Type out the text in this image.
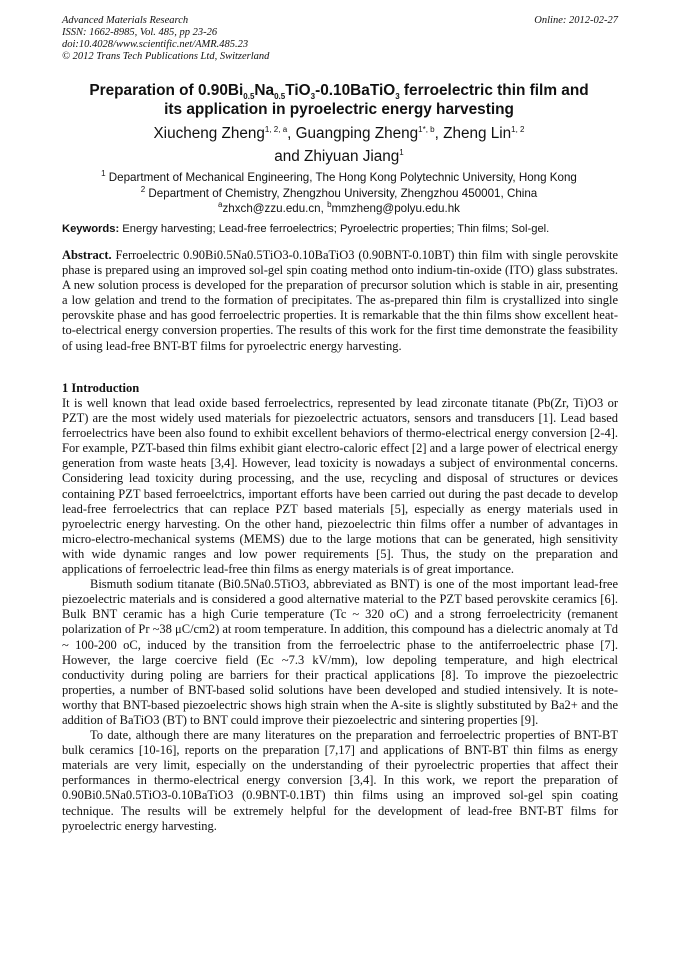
Advanced Materials Research
ISSN: 1662-8985, Vol. 485, pp 23-26
doi:10.4028/www.scientific.net/AMR.485.23
© 2012 Trans Tech Publications Ltd, Switzerland
Online: 2012-02-27
Preparation of $0.90Bi_{0.5}Na_{0.5}TiO_3-0.10BaTiO_3$ ferroelectric thin film and
its application in pyroelectric energy harvesting
Xiucheng Zheng$^{1, 2, a}$, Guangping Zheng$^{1*, b}$, Zheng Lin$^{1, 2}$
and Zhiyuan Jiang$^1$
$^1$ Department of Mechanical Engineering, The Hong Kong Polytechnic University, Hong Kong
$^2$ Department of Chemistry, Zhengzhou University, Zhengzhou 450001, China
$^a$zhxch@zzu.edu.cn, $^b$mmzheng@polyu.edu.hk
Keywords: Energy harvesting; Lead-free ferroelectrics; Pyroelectric properties; Thin films; Sol-gel.

Abstract. Ferroelectric 0.90Bi0.5Na0.5TiO3-0.10BaTiO3 (0.90BNT-0.10BT) thin film with single perovskite phase is prepared using an improved sol-gel spin coating method onto indium-tin-oxide (ITO) glass substrates. A new solution process is developed for the preparation of precursor solution which is stable in air, presenting a low gelation and trend to the formation of precipitates. The as-prepared thin film is crystallized into single perovskite phase and has good ferroelectric properties. It is remarkable that the thin films show excellent heat-to-electrical energy conversion properties. The results of this work for the first time demonstrate the feasibility of using lead-free BNT-BT films for pyroelectric energy harvesting.

1 Introduction

It is well known that lead oxide based ferroelectrics, represented by lead zirconate titanate (Pb(Zr, Ti)O3 or PZT) are the most widely used materials for piezoelectric actuators, sensors and transducers [1]. Lead based ferroelectrics have been also found to exhibit excellent behaviors of thermo-electrical energy conversion [2-4]. For example, PZT-based thin films exhibit giant electro-caloric effect [2] and a large power of electrical energy generation from waste heats [3,4]. However, lead toxicity is nowadays a subject of environmental concerns. Considering lead toxicity during processing, and the use, recycling and disposal of structures or devices containing PZT based ferroeelctrics, important efforts have been carried out during the past decade to develop lead-free ferroelectrics that can replace PZT based materials [5], especially as energy materials used in pyroelectric energy harvesting. On the other hand, piezoelectric thin films offer a number of advantages in micro-electro-mechanical systems (MEMS) due to the large motions that can be generated, high sensitivity with wide dynamic ranges and low power requirements [5]. Thus, the study on the preparation and applications of ferroelectric lead-free thin films as energy materials is of great importance.

Bismuth sodium titanate (Bi0.5Na0.5TiO3, abbreviated as BNT) is one of the most important lead-free piezoelectric materials and is considered a good alternative material to the PZT based perovskite ceramics [6]. Bulk BNT ceramic has a high Curie temperature (Tc ~ 320 oC) and a strong ferroelectricity (remanent polarization of Pr ~38 μC/cm2) at room temperature. In addition, this compound has a dielectric anomaly at Td ~ 100-200 oC, induced by the transition from the ferroelectric phase to the antiferroelectric phase [7]. However, the large coercive field (Ec ~7.3 kV/mm), low depoling temperature, and high electrical conductivity during poling are barriers for their practical applications [8]. To improve the piezoelectric properties, a number of BNT-based solid solutions have been developed and studied intensively. It is note-worthy that BNT-based piezoelectric shows high strain when the A-site is slightly substituted by Ba2+ and the addition of BaTiO3 (BT) to BNT could improve their piezoelectric and sintering properties [9].

To date, although there are many literatures on the preparation and ferroelectric properties of BNT-BT bulk ceramics [10-16], reports on the preparation [7,17] and applications of BNT-BT thin films as energy materials are very limit, especially on the understanding of their pyroelectric properties that affect their performances in thermo-electrical energy conversion [3,4]. In this work, we report the preparation of 0.90Bi0.5Na0.5TiO3-0.10BaTiO3 (0.9BNT-0.1BT) thin films using an improved sol-gel spin coating technique. The results will be extremely helpful for the development of lead-free BNT-BT films for pyroelectric energy harvesting.
